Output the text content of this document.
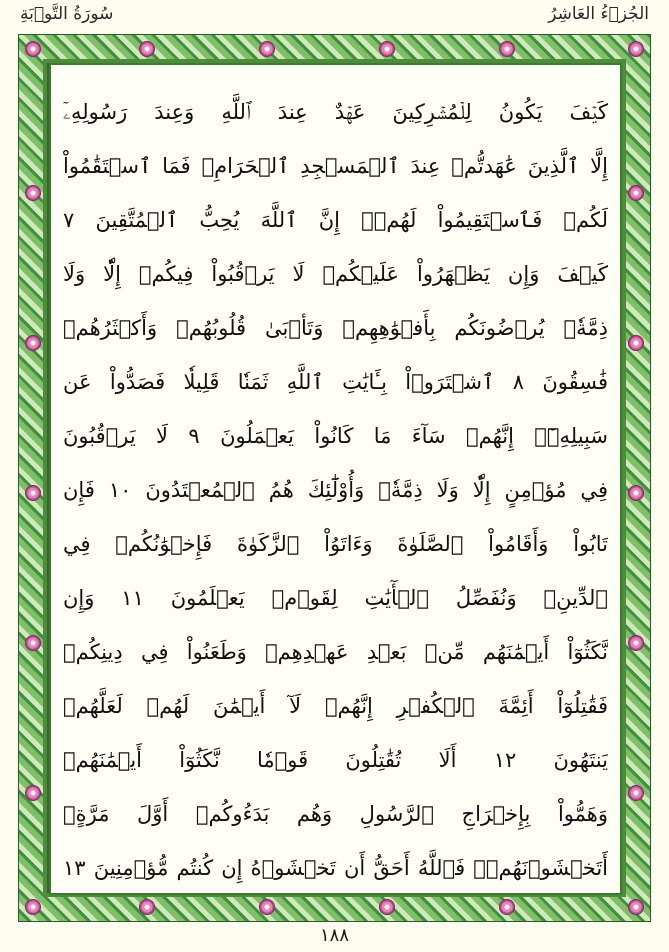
الجُزۡءُ العَاشِرُ
سُورَةُ التَّوۡبَةِ
كَيۡفَ يَكُونُ لِلۡمُشۡرِكِينَ عَهۡدٌ عِندَ ٱللَّهِ وَعِندَ رَسُولِهِۦٓ
إِلَّا ٱلَّذِينَ عَٰهَدتُّمۡ عِندَ ٱلۡمَسۡجِدِ ٱلۡحَرَامِۖ فَمَا ٱسۡتَقَٰمُواْ
لَكُمۡ فَٱسۡتَقِيمُواْ لَهُمۡۚ إِنَّ ٱللَّهَ يُحِبُّ ٱلۡمُتَّقِينَ ٧
كَيۡفَ وَإِن يَظۡهَرُواْ عَلَيۡكُمۡ لَا يَرۡقُبُواْ فِيكُمۡ إِلّٗا وَلَا
ذِمَّةٗۚ يُرۡضُونَكُم بِأَفۡوَٰهِهِمۡ وَتَأۡبَىٰ قُلُوبُهُمۡ وَأَكۡثَرُهُمۡ
فَٰسِقُونَ ٨ ٱشۡتَرَوۡاْ بِـَٔايَٰتِ ٱللَّهِ ثَمَنٗا قَلِيلٗا فَصَدُّواْ عَن
سَبِيلِهِۦٓۚ إِنَّهُمۡ سَآءَ مَا كَانُواْ يَعۡمَلُونَ ٩ لَا يَرۡقُبُونَ
فِي مُؤۡمِنٍ إِلّٗا وَلَا ذِمَّةٗۚ وَأُوْلَٰٓئِكَ هُمُ ٱلۡمُعۡتَدُونَ ١٠ فَإِن
تَابُواْ وَأَقَامُواْ ٱلصَّلَوٰةَ وَءَاتَوُاْ ٱلزَّكَوٰةَ فَإِخۡوَٰنُكُمۡ فِي
ٱلدِّينِۗ وَنُفَصِّلُ ٱلۡأٓيَٰتِ لِقَوۡمٖ يَعۡلَمُونَ ١١ وَإِن
نَّكَثُوٓاْ أَيۡمَٰنَهُم مِّنۢ بَعۡدِ عَهۡدِهِمۡ وَطَعَنُواْ فِي دِينِكُمۡ
فَقَٰتِلُوٓاْ أَئِمَّةَ ٱلۡكُفۡرِ إِنَّهُمۡ لَآ أَيۡمَٰنَ لَهُمۡ لَعَلَّهُمۡ
يَنتَهُونَ ١٢ أَلَا تُقَٰتِلُونَ قَوۡمٗا نَّكَثُوٓاْ أَيۡمَٰنَهُمۡ
وَهَمُّواْ بِإِخۡرَاجِ ٱلرَّسُولِ وَهُم بَدَءُوكُمۡ أَوَّلَ مَرَّةٍۚ
أَتَخۡشَوۡنَهُمۡۚ فَٱللَّهُ أَحَقُّ أَن تَخۡشَوۡهُ إِن كُنتُم مُّؤۡمِنِينَ ١٣
١٨٨
